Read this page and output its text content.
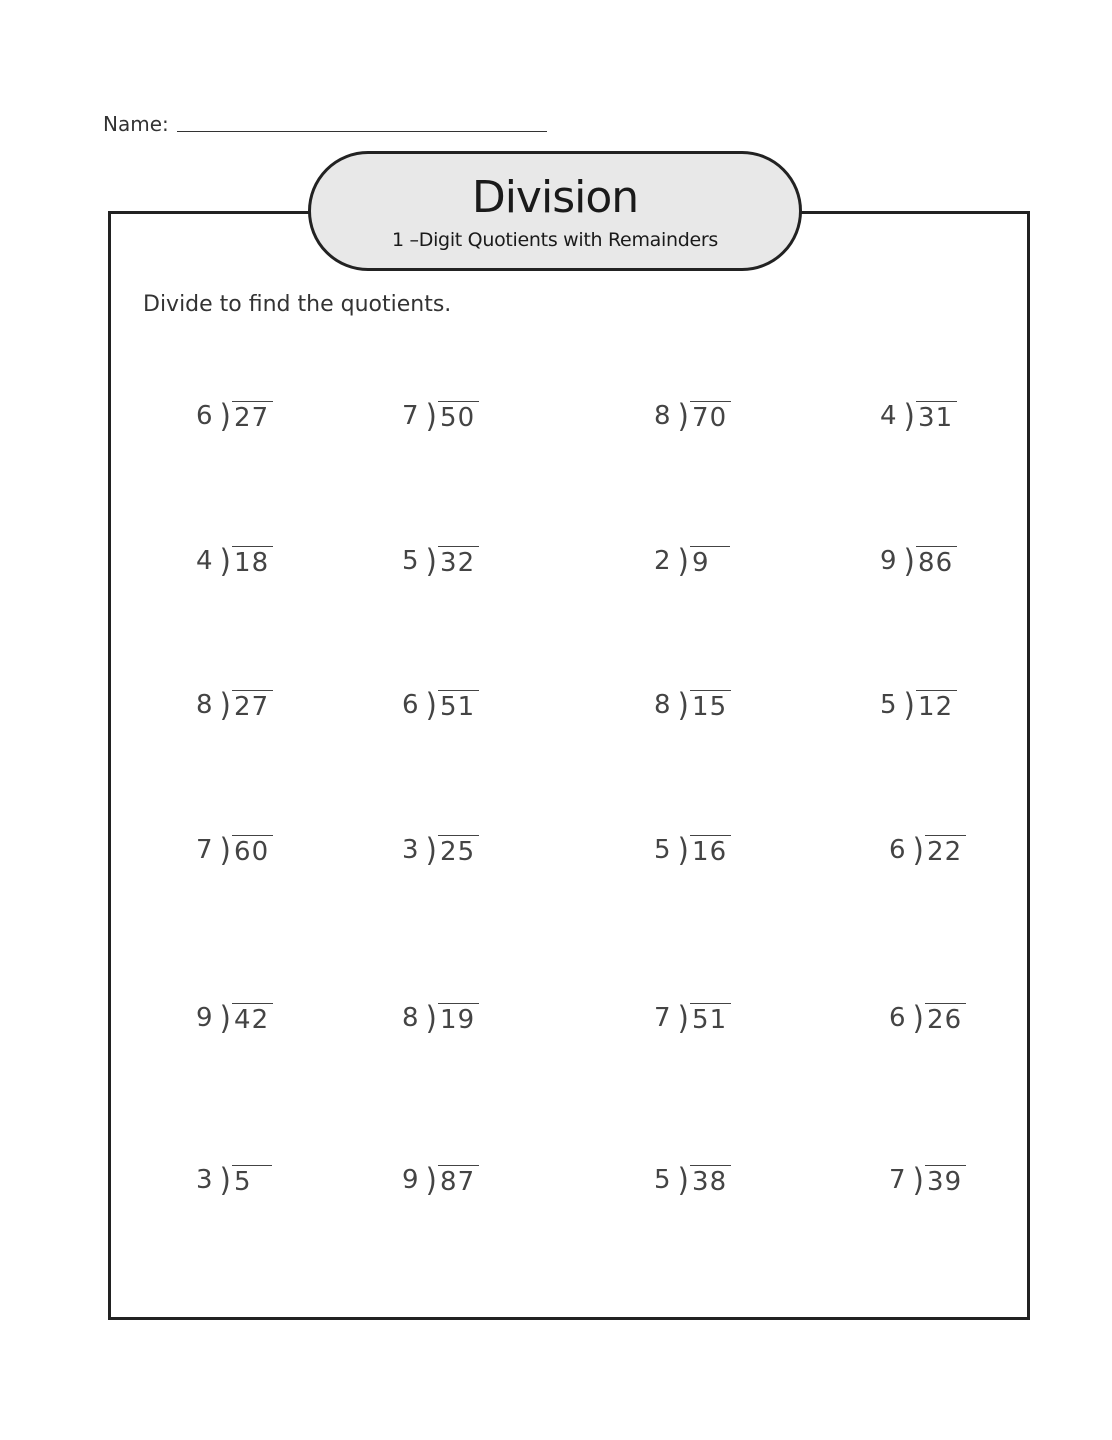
Name:
Division
1 –Digit Quotients with Remainders
Divide to find the quotients.
6 ) 27	7 ) 50	8 ) 70	4 ) 31
4 ) 18	5 ) 32	2 ) 9	9 ) 86
8 ) 27	6 ) 51	8 ) 15	5 ) 12
7 ) 60	3 ) 25	5 ) 16	6 ) 22
9 ) 42	8 ) 19	7 ) 51	6 ) 26
3 ) 5	9 ) 87	5 ) 38	7 ) 39
